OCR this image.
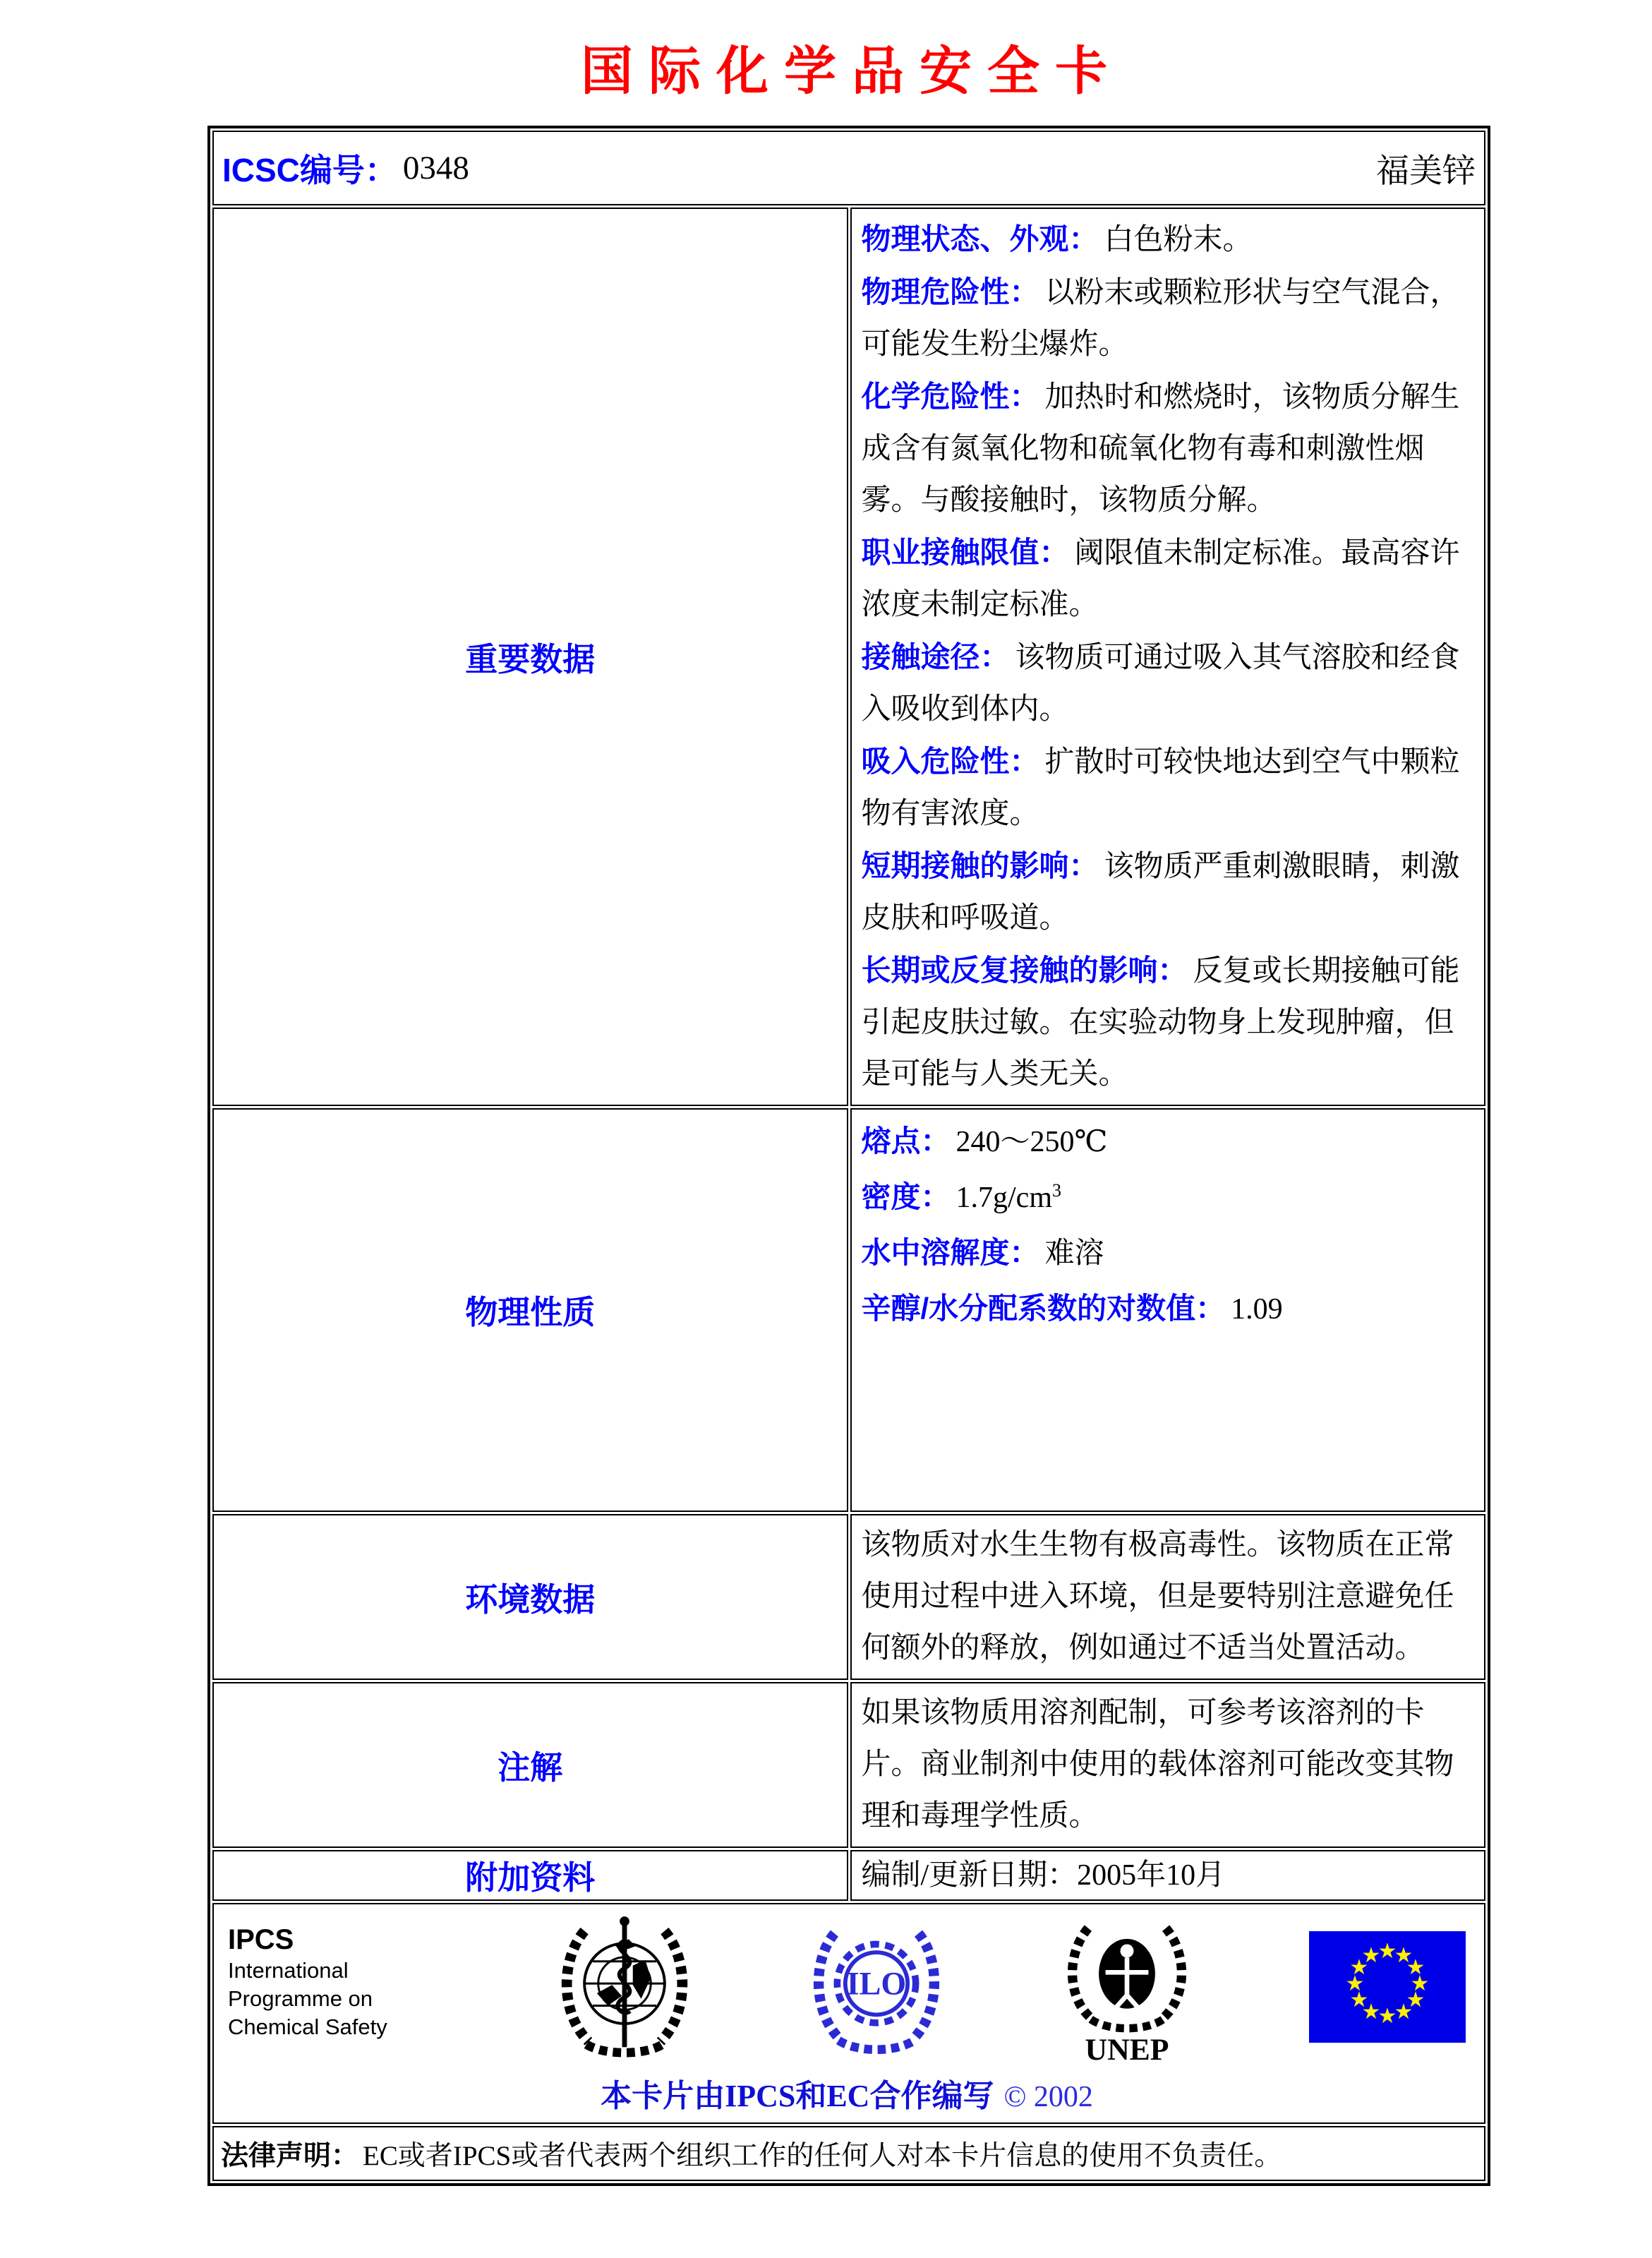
国际化学品安全卡
ICSC编号： 0348 福美锌	

重要数据	
物理状态、外观： 白色粉末。
物理危险性： 以粉末或颗粒形状与空气混合，可能发生粉尘爆炸。
化学危险性： 加热时和燃烧时，该物质分解生成含有氮氧化物和硫氧化物有毒和刺激性烟雾。与酸接触时，该物质分解。
职业接触限值： 阈限值未制定标准。最高容许浓度未制定标准。
接触途径： 该物质可通过吸入其气溶胶和经食入吸收到体内。
吸入危险性： 扩散时可较快地达到空气中颗粒物有害浓度。
短期接触的影响： 该物质严重刺激眼睛，刺激皮肤和呼吸道。
长期或反复接触的影响： 反复或长期接触可能引起皮肤过敏。在实验动物身上发现肿瘤，但是可能与人类无关。

物理性质	熔点： 240～250℃
密度： $1.7g/cm^3$
水中溶解度： 难溶
辛醇/水分配系数的对数值： 1.09

环境数据	该物质对水生生物有极高毒性。该物质在正常使用过程中进入环境，但是要特别注意避免任何额外的释放，例如通过不适当处置活动。
注解	如果该物质用溶剂配制，可参考该溶剂的卡片。商业制剂中使用的载体溶剂可能改变其物理和毒理学性质。
附加资料	编制/更新日期：2005年10月

IPCS
International
Programme on
Chemical Safety
ILO
UNEP
★
★
★
★
★
★
★
★
★
★
★
★
本卡片由IPCS和EC合作编写 © 2002

法律声明： EC或者IPCS或者代表两个组织工作的任何人对本卡片信息的使用不负责任。	
